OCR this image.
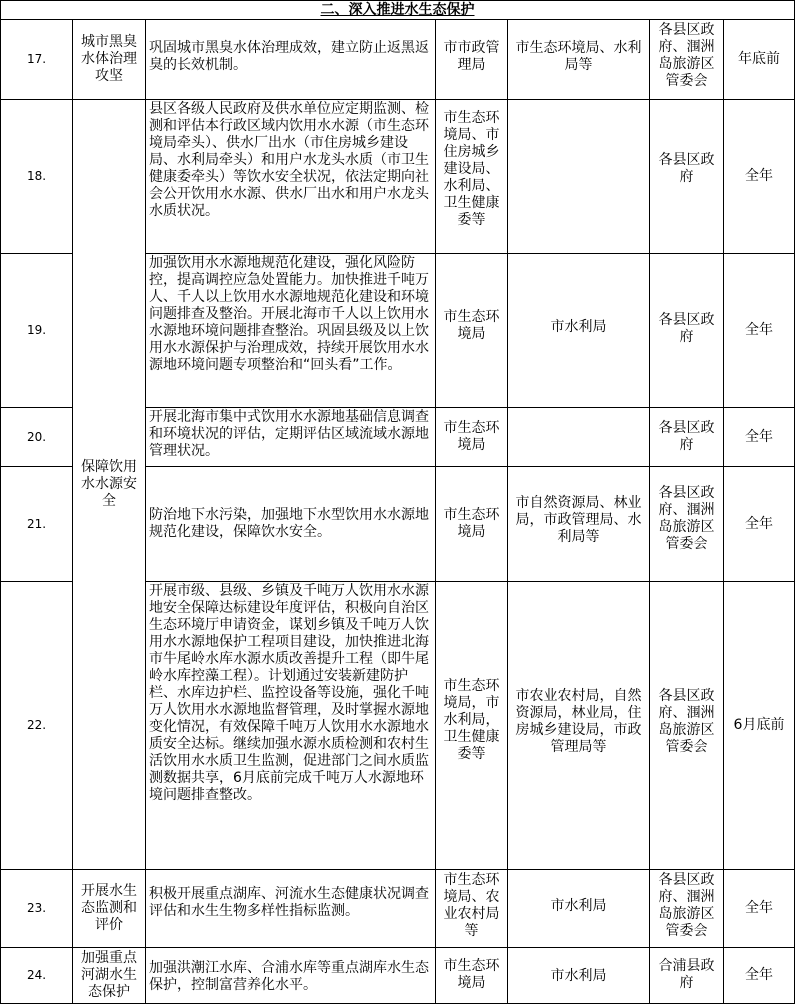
二、深入推进水生态保护						
17.	城市黑臭水体治理攻坚	巩固城市黑臭水体治理成效，建立防止返黑返臭的长效机制。	市市政管理局	市生态环境局、水利局等	各县区政府、涠洲岛旅游区管委会	年底前
18.	保障饮用水水源安全	县区各级人民政府及供水单位应定期监测、检测和评估本行政区域内饮用水水源（市生态环境局牵头）、供水厂出水（市住房城乡建设局、水利局牵头）和用户水龙头水质（市卫生健康委牵头）等饮水安全状况，依法定期向社会公开饮用水水源、供水厂出水和用户水龙头水质状况。	市生态环境局、市住房城乡建设局、水利局、卫生健康委等		各县区政府	全年
19.		加强饮用水水源地规范化建设，强化风险防控，提高调控应急处置能力。加快推进千吨万人、千人以上饮用水水源地规范化建设和环境问题排查及整治。开展北海市千人以上饮用水水源地环境问题排查整治。巩固县级及以上饮用水水源保护与治理成效，持续开展饮用水水源地环境问题专项整治和“回头看”工作。	市生态环境局	市水利局	各县区政府	全年
20.		开展北海市集中式饮用水水源地基础信息调查和环境状况的评估，定期评估区域流域水源地管理状况。	市生态环境局		各县区政府	全年
21.		防治地下水污染，加强地下水型饮用水水源地规范化建设，保障饮水安全。	市生态环境局	市自然资源局、林业局，市政管理局、水利局等	各县区政府、涠洲岛旅游区管委会	全年
22.		开展市级、县级、乡镇及千吨万人饮用水水源地安全保障达标建设年度评估，积极向自治区生态环境厅申请资金，谋划乡镇及千吨万人饮用水水源地保护工程项目建设，加快推进北海市牛尾岭水库水源水质改善提升工程（即牛尾岭水库控藻工程）。计划通过安装新建防护栏、水库边护栏、监控设备等设施，强化千吨万人饮用水水源地监督管理，及时掌握水源地变化情况，有效保障千吨万人饮用水水源地水质安全达标。继续加强水源水质检测和农村生活饮用水水质卫生监测，促进部门之间水质监测数据共享，6月底前完成千吨万人水源地环境问题排查整改。	市生态环境局，市水利局，卫生健康委等	市农业农村局，自然资源局，林业局，住房城乡建设局，市政管理局等	各县区政府、涠洲岛旅游区管委会	6月底前
23.	开展水生态监测和评价	积极开展重点湖库、河流水生态健康状况调查评估和水生生物多样性指标监测。	市生态环境局、农业农村局等	市水利局	各县区政府、涠洲岛旅游区管委会	全年
24.	加强重点河湖水生态保护	加强洪潮江水库、合浦水库等重点湖库水生态保护，控制富营养化水平。	市生态环境局	市水利局	合浦县政府	全年
